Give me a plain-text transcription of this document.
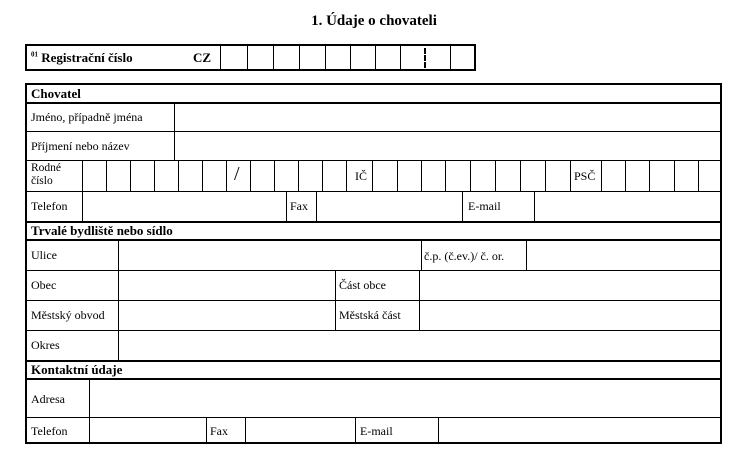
1. Údaje o chovateli
$^{01}$ Registrační číslo	CZ
Chovatel
Jméno, případně jména
Příjmení nebo název
Rodné
číslo	/	IČ	PSČ
Telefon	Fax	E-mail
Trvalé bydliště nebo sídlo
Ulice	č.p. (č.ev.)/ č. or.
Obec	Část obce
Městský obvod	Městská část
Okres
Kontaktní údaje
Adresa
Telefon	Fax	E-mail
